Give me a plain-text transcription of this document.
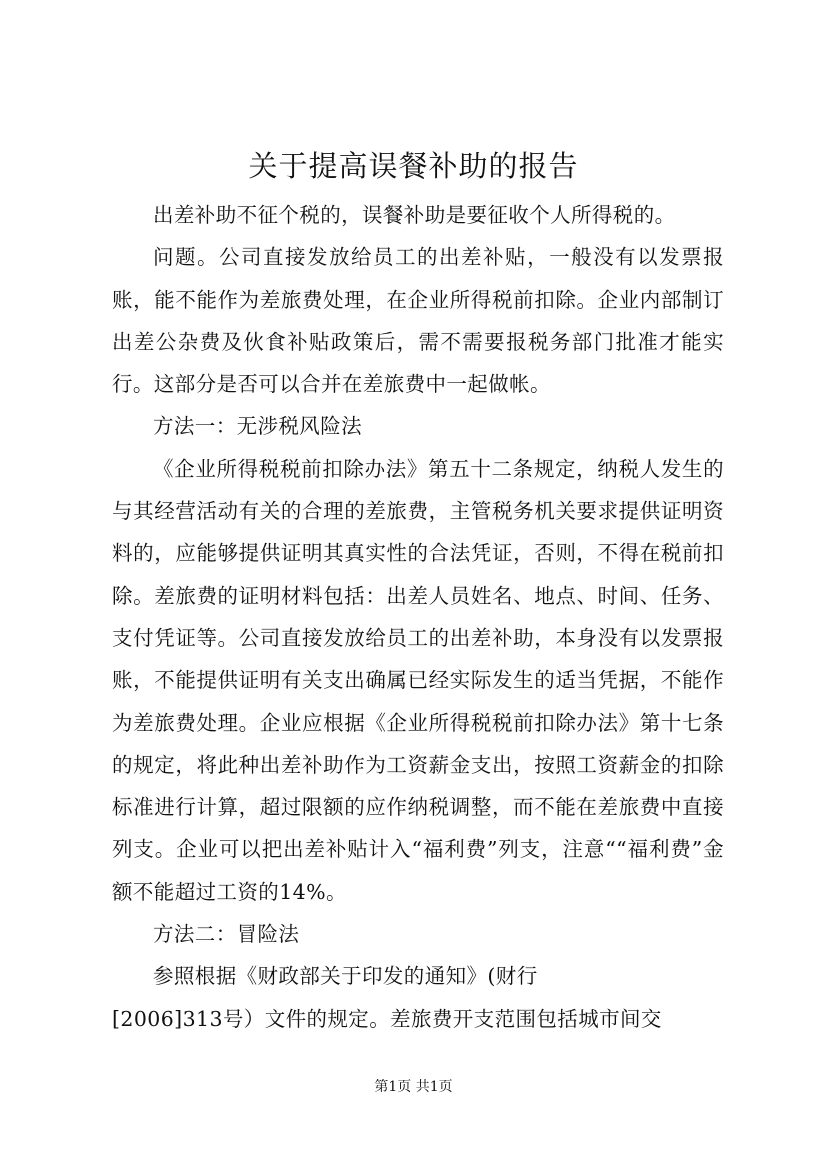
关于提高误餐补助的报告

出差补助不征个税的，误餐补助是要征收个人所得税的。

问题。公司直接发放给员工的出差补贴，一般没有以发票报账，能不能作为差旅费处理，在企业所得税前扣除。企业内部制订出差公杂费及伙食补贴政策后，需不需要报税务部门批准才能实行。这部分是否可以合并在差旅费中一起做帐。

方法一：无涉税风险法

《企业所得税税前扣除办法》第五十二条规定，纳税人发生的与其经营活动有关的合理的差旅费，主管税务机关要求提供证明资料的，应能够提供证明其真实性的合法凭证，否则，不得在税前扣除。差旅费的证明材料包括：出差人员姓名、地点、时间、任务、支付凭证等。公司直接发放给员工的出差补助，本身没有以发票报账，不能提供证明有关支出确属已经实际发生的适当凭据，不能作为差旅费处理。企业应根据《企业所得税税前扣除办法》第十七条的规定，将此种出差补助作为工资薪金支出，按照工资薪金的扣除标准进行计算，超过限额的应作纳税调整，而不能在差旅费中直接列支。企业可以把出差补贴计入“福利费”列支，注意““福利费”金额不能超过工资的14%。

方法二：冒险法

参照根据《财政部关于印发的通知》(财行

[2006]313号）文件的规定。差旅费开支范围包括城市间交

第1页 共1页
